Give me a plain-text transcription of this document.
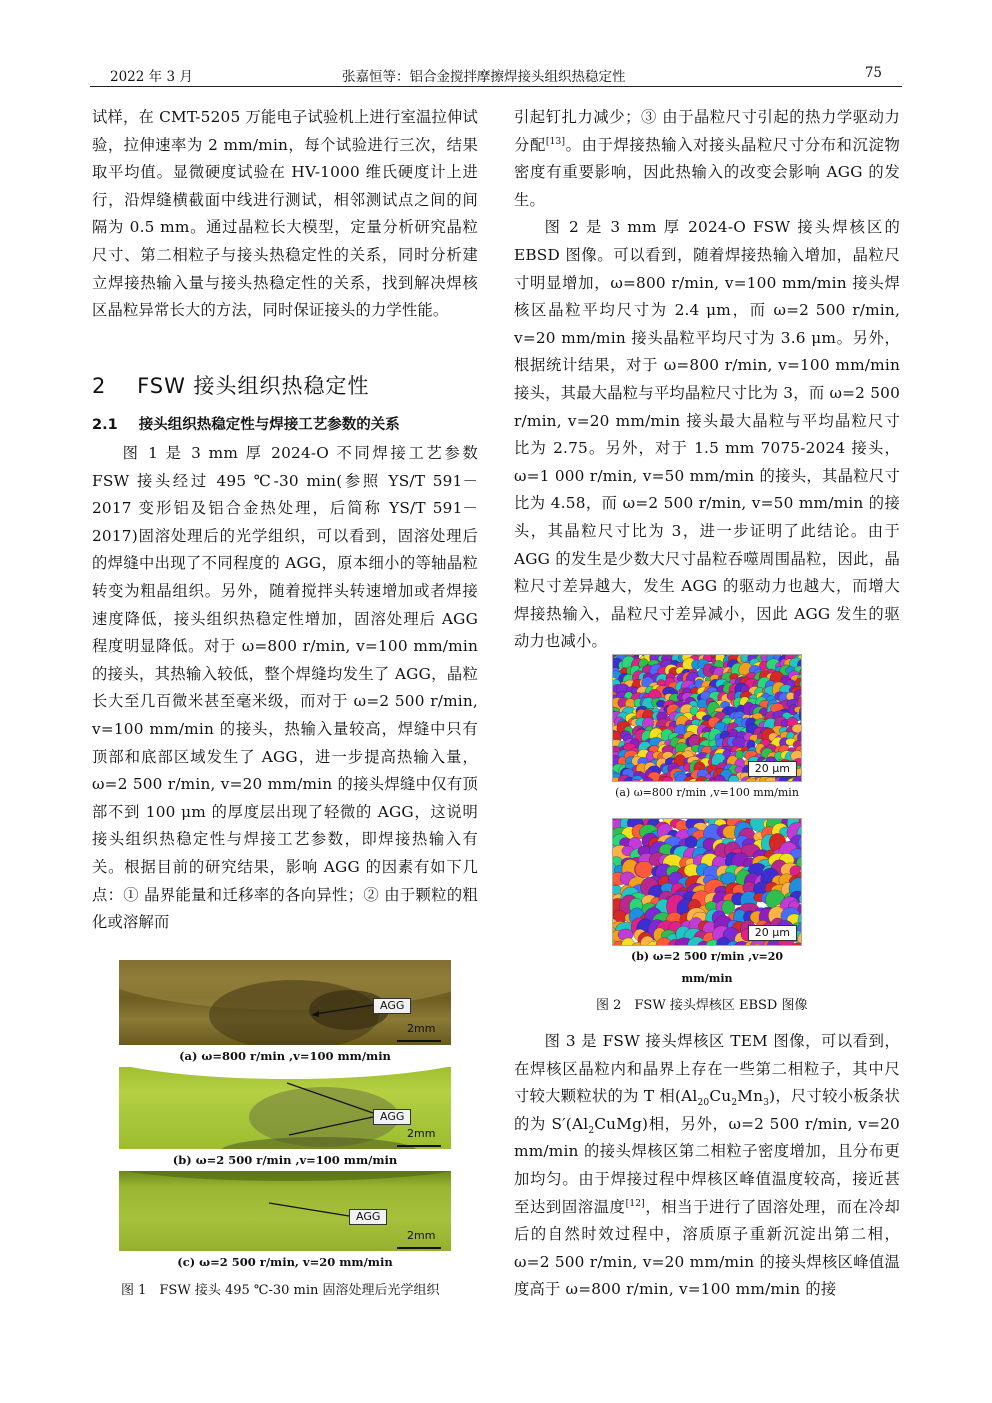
2022 年 3 月	张嘉恒等：铝合金搅拌摩擦焊接头组织热稳定性	75

试样，在 CMT-5205 万能电子试验机上进行室温拉伸试验，拉伸速率为 2 mm/min，每个试验进行三次，结果取平均值。显微硬度试验在 HV-1000 维氏硬度计上进行，沿焊缝横截面中线进行测试，相邻测试点之间的间隔为 0.5 mm。通过晶粒长大模型，定量分析研究晶粒尺寸、第二相粒子与接头热稳定性的关系，同时分析建立焊接热输入量与接头热稳定性的关系，找到解决焊核区晶粒异常长大的方法，同时保证接头的力学性能。

2 FSW 接头组织热稳定性
2.1 接头组织热稳定性与焊接工艺参数的关系

图 1 是 3 mm 厚 2024-O 不同焊接工艺参数 FSW 接头经过 495 ℃-30 min(参照 YS/T 591－2017 变形铝及铝合金热处理，后简称 YS/T 591－2017)固溶处理后的光学组织，可以看到，固溶处理后的焊缝中出现了不同程度的 AGG，原本细小的等轴晶粒转变为粗晶组织。另外，随着搅拌头转速增加或者焊接速度降低，接头组织热稳定性增加，固溶处理后 AGG 程度明显降低。对于 ω=800 r/min, v=100 mm/min 的接头，其热输入较低，整个焊缝均发生了 AGG，晶粒长大至几百微米甚至毫米级，而对于 ω=2 500 r/min, v=100 mm/min 的接头，热输入量较高，焊缝中只有顶部和底部区域发生了 AGG，进一步提高热输入量，ω=2 500 r/min, v=20 mm/min 的接头焊缝中仅有顶部不到 100 μm 的厚度层出现了轻微的 AGG，这说明接头组织热稳定性与焊接工艺参数，即焊接热输入有关。根据目前的研究结果，影响 AGG 的因素有如下几点：① 晶界能量和迁移率的各向异性；② 由于颗粒的粗化或溶解而

AGG
2mm
(a) ω=800 r/min ,v=100 mm/min
AGG
2mm
(b) ω=2 500 r/min ,v=100 mm/min
AGG
2mm
(c) ω=2 500 r/min, v=20 mm/min
图 1　FSW 接头 495 ℃-30 min 固溶处理后光学组织

引起钉扎力减少；③ 由于晶粒尺寸引起的热力学驱动力分配[13]。由于焊接热输入对接头晶粒尺寸分布和沉淀物密度有重要影响，因此热输入的改变会影响 AGG 的发生。

图 2 是 3 mm 厚 2024-O FSW 接头焊核区的 EBSD 图像。可以看到，随着焊接热输入增加，晶粒尺寸明显增加，ω=800 r/min, v=100 mm/min 接头焊核区晶粒平均尺寸为 2.4 μm，而 ω=2 500 r/min, v=20 mm/min 接头晶粒平均尺寸为 3.6 μm。另外，根据统计结果，对于 ω=800 r/min, v=100 mm/min 接头，其最大晶粒与平均晶粒尺寸比为 3，而 ω=2 500 r/min, v=20 mm/min 接头最大晶粒与平均晶粒尺寸比为 2.75。另外，对于 1.5 mm 7075-2024 接头，ω=1 000 r/min, v=50 mm/min 的接头，其晶粒尺寸比为 4.58，而 ω=2 500 r/min, v=50 mm/min 的接头，其晶粒尺寸比为 3，进一步证明了此结论。由于 AGG 的发生是少数大尺寸晶粒吞噬周围晶粒，因此，晶粒尺寸差异越大，发生 AGG 的驱动力也越大，而增大焊接热输入，晶粒尺寸差异减小，因此 AGG 发生的驱动力也减小。

20 μm
(a) ω=800 r/min ,v=100 mm/min
20 μm
(b) ω=2 500 r/min ,v=20 mm/min
图 2　FSW 接头焊核区 EBSD 图像

图 3 是 FSW 接头焊核区 TEM 图像，可以看到，在焊核区晶粒内和晶界上存在一些第二相粒子，其中尺寸较大颗粒状的为 T 相$(Al_{20}Cu_2Mn_3)$，尺寸较小板条状的为 $S'(Al_2CuMg)$相，另外，ω=2 500 r/min, v=20 mm/min 的接头焊核区第二相粒子密度增加，且分布更加均匀。由于焊接过程中焊核区峰值温度较高，接近甚至达到固溶温度[12]，相当于进行了固溶处理，而在冷却后的自然时效过程中，溶质原子重新沉淀出第二相，ω=2 500 r/min, v=20 mm/min 的接头焊核区峰值温度高于 ω=800 r/min, v=100 mm/min 的接
